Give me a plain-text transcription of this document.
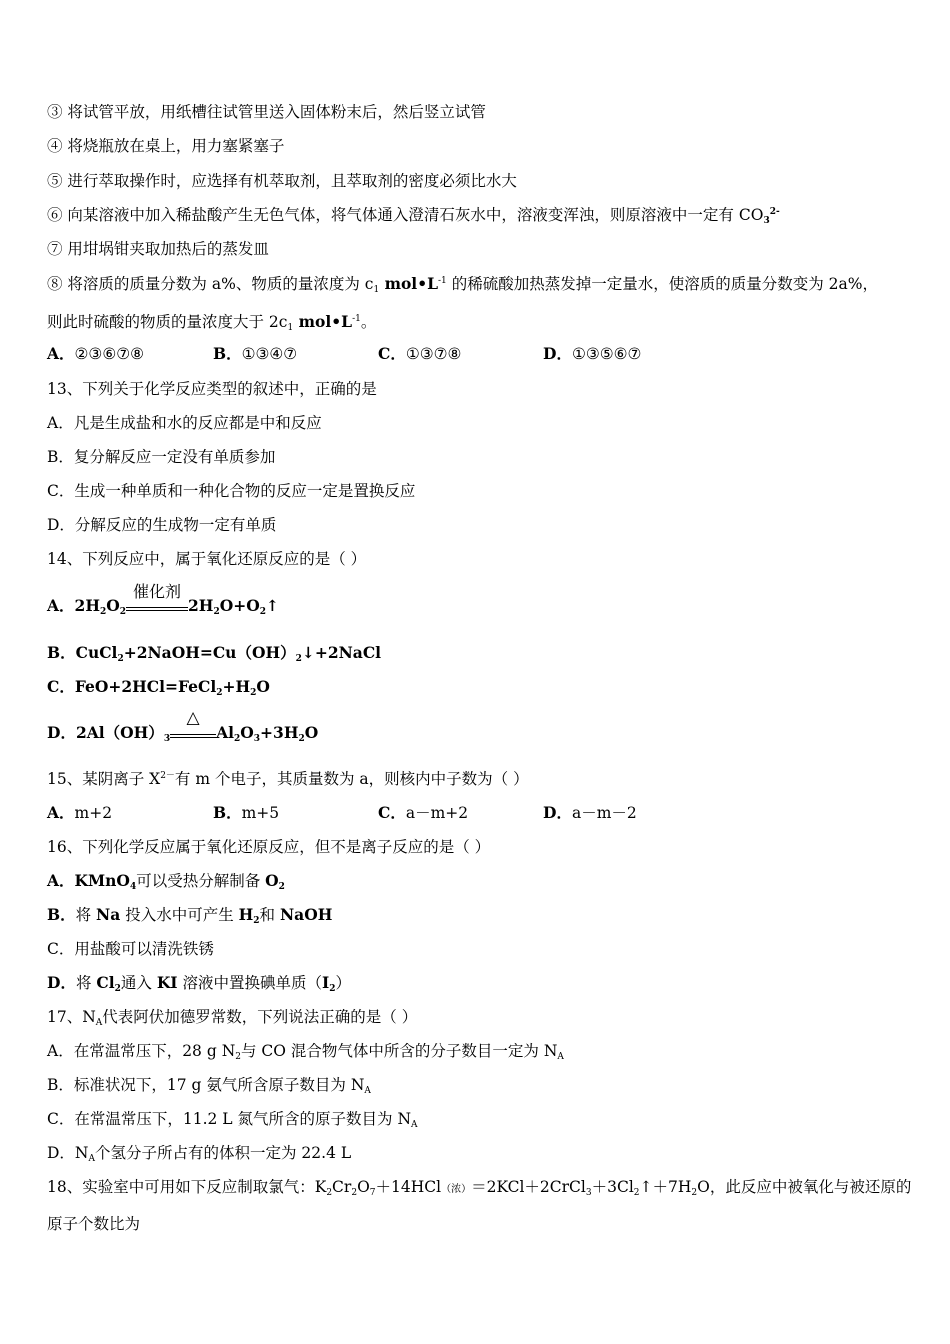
③ 将试管平放，用纸槽往试管里送入固体粉末后，然后竖立试管
④ 将烧瓶放在桌上，用力塞紧塞子
⑤ 进行萃取操作时，应选择有机萃取剂，且萃取剂的密度必须比水大
⑥ 向某溶液中加入稀盐酸产生无色气体，将气体通入澄清石灰水中，溶液变浑浊，则原溶液中一定有 $CO_3^{2-}$
⑦ 用坩埚钳夹取加热后的蒸发皿
⑧ 将溶质的质量分数为 a%、物质的量浓度为 $c_1$ $mol•L^{-1}$ 的稀硫酸加热蒸发掉一定量水，使溶质的质量分数变为 2a%，
则此时硫酸的物质的量浓度大于 $2c_1$ $mol•L^{-1}$。
A．②③⑥⑦⑧	B．①③④⑦	C．①③⑦⑧	D．①③⑤⑥⑦
13、下列关于化学反应类型的叙述中，正确的是
A．凡是生成盐和水的反应都是中和反应
B．复分解反应一定没有单质参加
C．生成一种单质和一种化合物的反应一定是置换反应
D．分解反应的生成物一定有单质
14、下列反应中，属于氧化还原反应的是（ ）
A．$2H_2O_2$
催化剂
$2H_2O+O_2↑$
B．$CuCl_2+2NaOH=Cu(OH)_2↓+2NaCl$
C．$FeO+2HCl=FeCl_2+H_2O$
D．$2Al(OH)_3$
△
$Al_2O_3+3H_2O$
15、某阴离子 $X^{2-}$有 m 个电子，其质量数为 a，则核内中子数为（ ）
A．m+2	B．m+5	C．a－m+2	D．a－m－2
16、下列化学反应属于氧化还原反应，但不是离子反应的是（ ）
A．KMnO$_4$可以受热分解制备 $O_2$
B．将 Na 投入水中可产生 $H_2$和 NaOH
C．用盐酸可以清洗铁锈
D．将 $Cl_2$通入 KI 溶液中置换碘单质$(I_2)$
17、$N_A$代表阿伏加德罗常数，下列说法正确的是（ ）
A．在常温常压下，28 g $N_2$与 CO 混合物气体中所含的分子数目一定为 $N_A$
B．标准状况下，17 g 氨气所含原子数目为 $N_A$
C．在常温常压下，11.2 L 氮气所含的原子数目为 $N_A$
D．$N_A$个氢分子所占有的体积一定为 22.4 L
18、实验室中可用如下反应制取氯气：$K_2Cr_2O_7+14HCl$（浓）$=2KCl+2CrCl_3+3Cl_2↑+7H_2O$，此反应中被氧化与被还原的
原子个数比为
